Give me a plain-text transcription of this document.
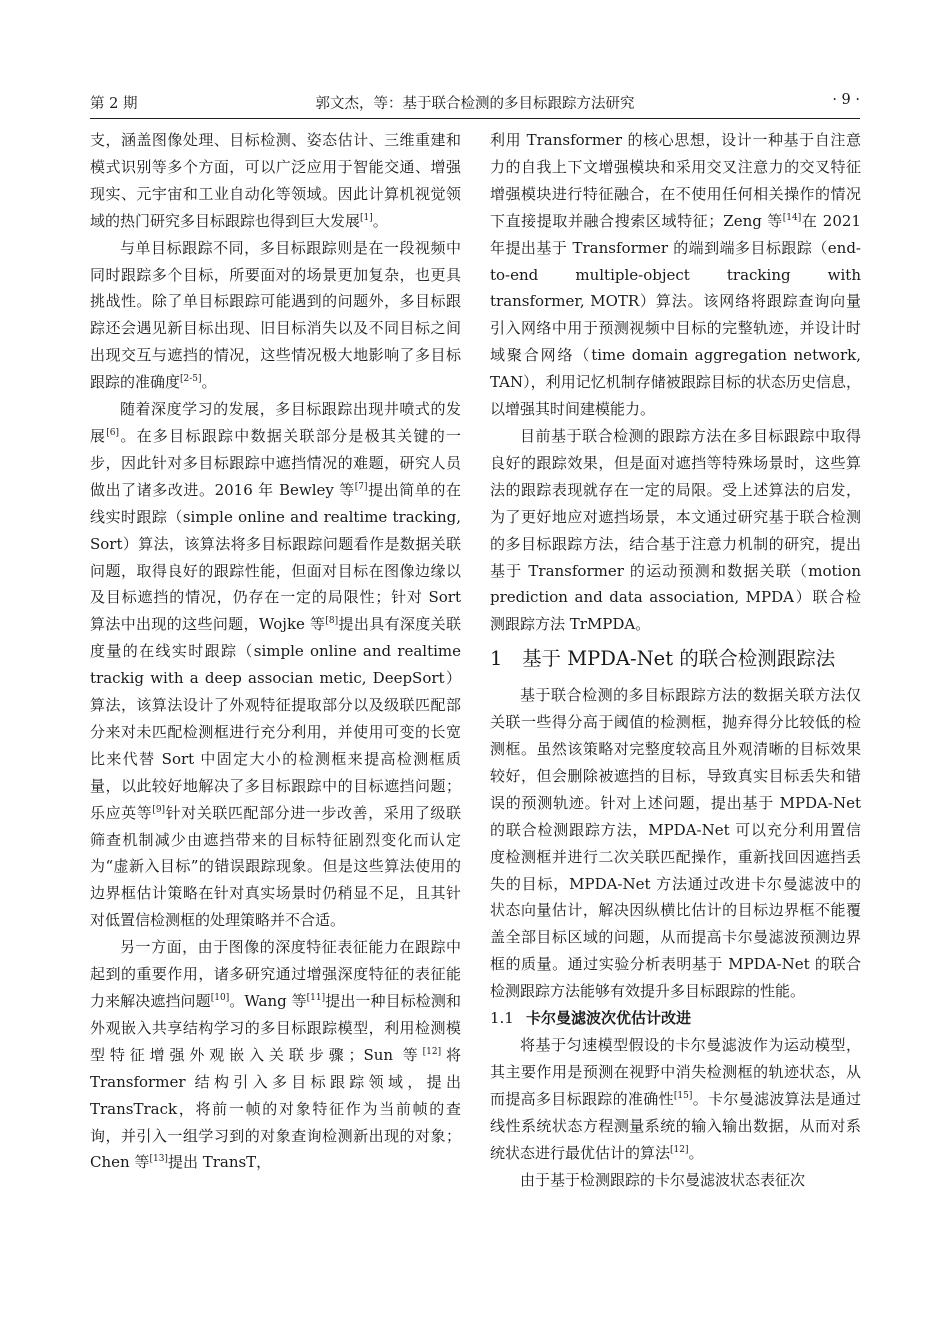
第 2 期	郭文杰，等：基于联合检测的多目标跟踪方法研究	· 9 ·

支，涵盖图像处理、目标检测、姿态估计、三维重建和模式识别等多个方面，可以广泛应用于智能交通、增强现实、元宇宙和工业自动化等领域。因此计算机视觉领域的热门研究多目标跟踪也得到巨大发展[1]。

与单目标跟踪不同，多目标跟踪则是在一段视频中同时跟踪多个目标，所要面对的场景更加复杂，也更具挑战性。除了单目标跟踪可能遇到的问题外，多目标跟踪还会遇见新目标出现、旧目标消失以及不同目标之间出现交互与遮挡的情况，这些情况极大地影响了多目标跟踪的准确度[2-5]。

随着深度学习的发展，多目标跟踪出现井喷式的发展[6]。在多目标跟踪中数据关联部分是极其关键的一步，因此针对多目标跟踪中遮挡情况的难题，研究人员做出了诸多改进。2016 年 Bewley 等[7]提出简单的在线实时跟踪（simple online and realtime tracking, Sort）算法，该算法将多目标跟踪问题看作是数据关联问题，取得良好的跟踪性能，但面对目标在图像边缘以及目标遮挡的情况，仍存在一定的局限性；针对 Sort 算法中出现的这些问题，Wojke 等[8]提出具有深度关联度量的在线实时跟踪（simple online and realtime trackig with a deep associan metic, DeepSort）算法，该算法设计了外观特征提取部分以及级联匹配部分来对未匹配检测框进行充分利用，并使用可变的长宽比来代替 Sort 中固定大小的检测框来提高检测框质量，以此较好地解决了多目标跟踪中的目标遮挡问题；乐应英等[9]针对关联匹配部分进一步改善，采用了级联筛查机制减少由遮挡带来的目标特征剧烈变化而认定为“虚新入目标”的错误跟踪现象。但是这些算法使用的边界框估计策略在针对真实场景时仍稍显不足，且其针对低置信检测框的处理策略并不合适。

另一方面，由于图像的深度特征表征能力在跟踪中起到的重要作用，诸多研究通过增强深度特征的表征能力来解决遮挡问题[10]。Wang 等[11]提出一种目标检测和外观嵌入共享结构学习的多目标跟踪模型，利用检测模型特征增强外观嵌入关联步骤；Sun 等[12]将 Transformer 结构引入多目标跟踪领域，提出 TransTrack，将前一帧的对象特征作为当前帧的查询，并引入一组学习到的对象查询检测新出现的对象；Chen 等[13]提出 TransT，

利用 Transformer 的核心思想，设计一种基于自注意力的自我上下文增强模块和采用交叉注意力的交叉特征增强模块进行特征融合，在不使用任何相关操作的情况下直接提取并融合搜索区域特征；Zeng 等[14]在 2021 年提出基于 Transformer 的端到端多目标跟踪（end-to-end multiple-object tracking with transformer, MOTR）算法。该网络将跟踪查询向量引入网络中用于预测视频中目标的完整轨迹，并设计时域聚合网络（time domain aggregation network, TAN），利用记忆机制存储被跟踪目标的状态历史信息，以增强其时间建模能力。

目前基于联合检测的跟踪方法在多目标跟踪中取得良好的跟踪效果，但是面对遮挡等特殊场景时，这些算法的跟踪表现就存在一定的局限。受上述算法的启发，为了更好地应对遮挡场景，本文通过研究基于联合检测的多目标跟踪方法，结合基于注意力机制的研究，提出基于 Transformer 的运动预测和数据关联（motion prediction and data association, MPDA）联合检测跟踪方法 TrMPDA。

1 基于 MPDA-Net 的联合检测跟踪法

基于联合检测的多目标跟踪方法的数据关联方法仅关联一些得分高于阈值的检测框，抛弃得分比较低的检测框。虽然该策略对完整度较高且外观清晰的目标效果较好，但会删除被遮挡的目标，导致真实目标丢失和错误的预测轨迹。针对上述问题，提出基于 MPDA-Net 的联合检测跟踪方法，MPDA-Net 可以充分利用置信度检测框并进行二次关联匹配操作，重新找回因遮挡丢失的目标，MPDA-Net 方法通过改进卡尔曼滤波中的状态向量估计，解决因纵横比估计的目标边界框不能覆盖全部目标区域的问题，从而提高卡尔曼滤波预测边界框的质量。通过实验分析表明基于 MPDA-Net 的联合检测跟踪方法能够有效提升多目标跟踪的性能。

1.1 卡尔曼滤波次优估计改进

将基于匀速模型假设的卡尔曼滤波作为运动模型，其主要作用是预测在视野中消失检测框的轨迹状态，从而提高多目标跟踪的准确性[15]。卡尔曼滤波算法是通过线性系统状态方程测量系统的输入输出数据，从而对系统状态进行最优估计的算法[12]。

由于基于检测跟踪的卡尔曼滤波状态表征次
